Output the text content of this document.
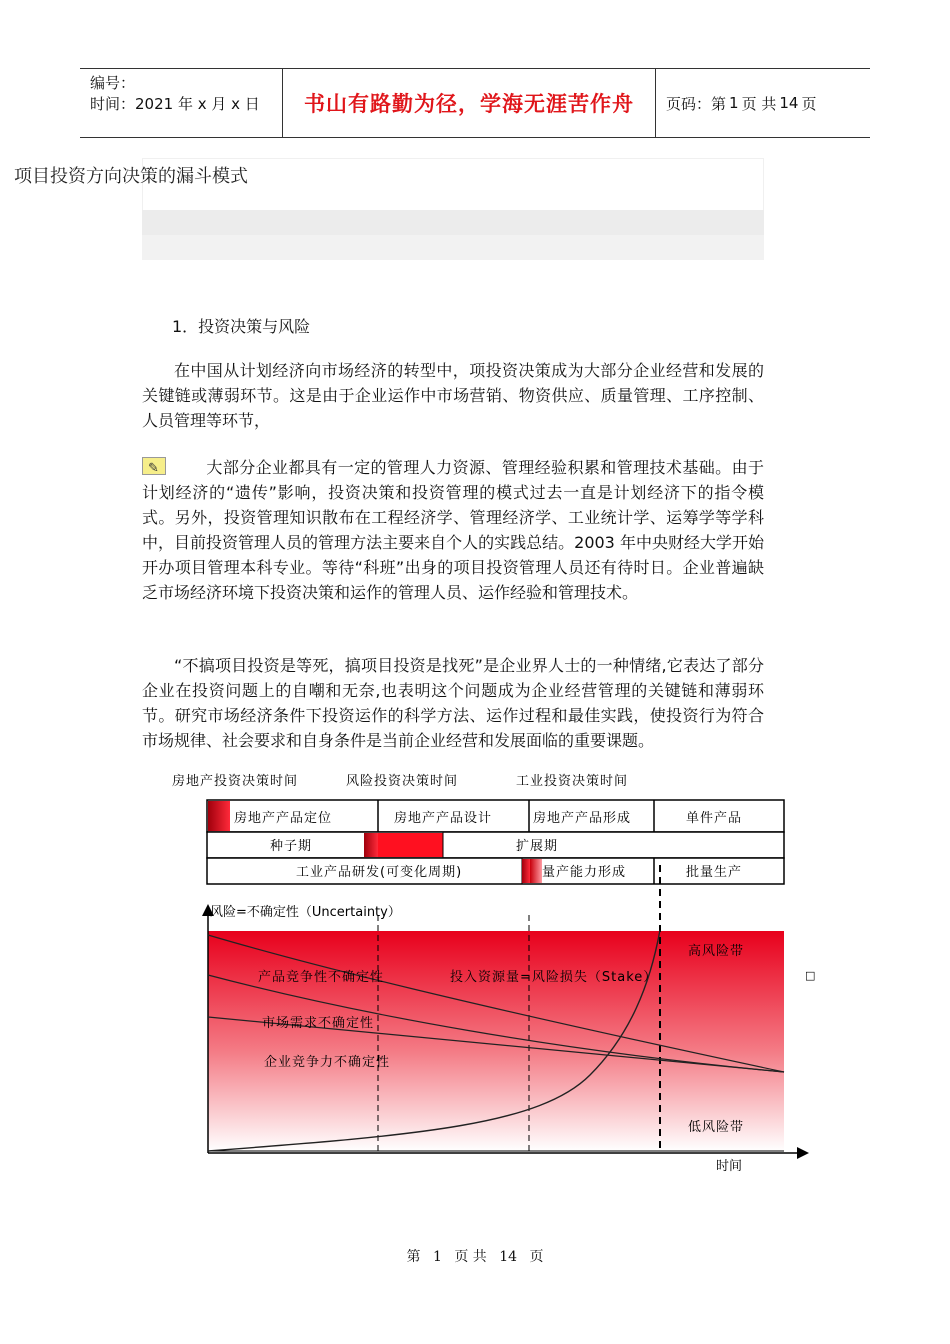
编号：
时间：2021 年 x 月 x 日	书山有路勤为径，学海无涯苦作舟 页码：第 1 页 共 14 页
项目投资方向决策的漏斗模式
1．投资决策与风险

在中国从计划经济向市场经济的转型中，项投资决策成为大部分企业经营和发展的关键链或薄弱环节。这是由于企业运作中市场营销、物资供应、质量管理、工序控制、人员管理等环节，

✎大部分企业都具有一定的管理人力资源、管理经验积累和管理技术基础。由于计划经济的“遗传”影响，投资决策和投资管理的模式过去一直是计划经济下的指令模式。另外，投资管理知识散布在工程经济学、管理经济学、工业统计学、运筹学等学科中，目前投资管理人员的管理方法主要来自个人的实践总结。2003 年中央财经大学开始开办项目管理本科专业。等待“科班”出身的项目投资管理人员还有待时日。企业普遍缺乏市场经济环境下投资决策和运作的管理人员、运作经验和管理技术。

“不搞项目投资是等死，搞项目投资是找死”是企业界人士的一种情绪,它表达了部分企业在投资问题上的自嘲和无奈,也表明这个问题成为企业经营管理的关键链和薄弱环节。研究市场经济条件下投资运作的科学方法、运作过程和最佳实践，使投资行为符合市场规律、社会要求和自身条件是当前企业经营和发展面临的重要课题。

房地产投资决策时间	风险投资决策时间	工业投资决策时间
房地产产品定位	房地产产品设计	房地产产品形成	单件产品
种子期	扩展期
工业产品研发(可变化周期)	量产能力形成	批量生产
风险=不确定性（Uncertainty）
时间
高风险带
低风险带
产品竞争性不确定性	投入资源量=风险损失（Stake）
市场需求不确定性
企业竞争力不确定性
□
第 1 页 共 14 页
